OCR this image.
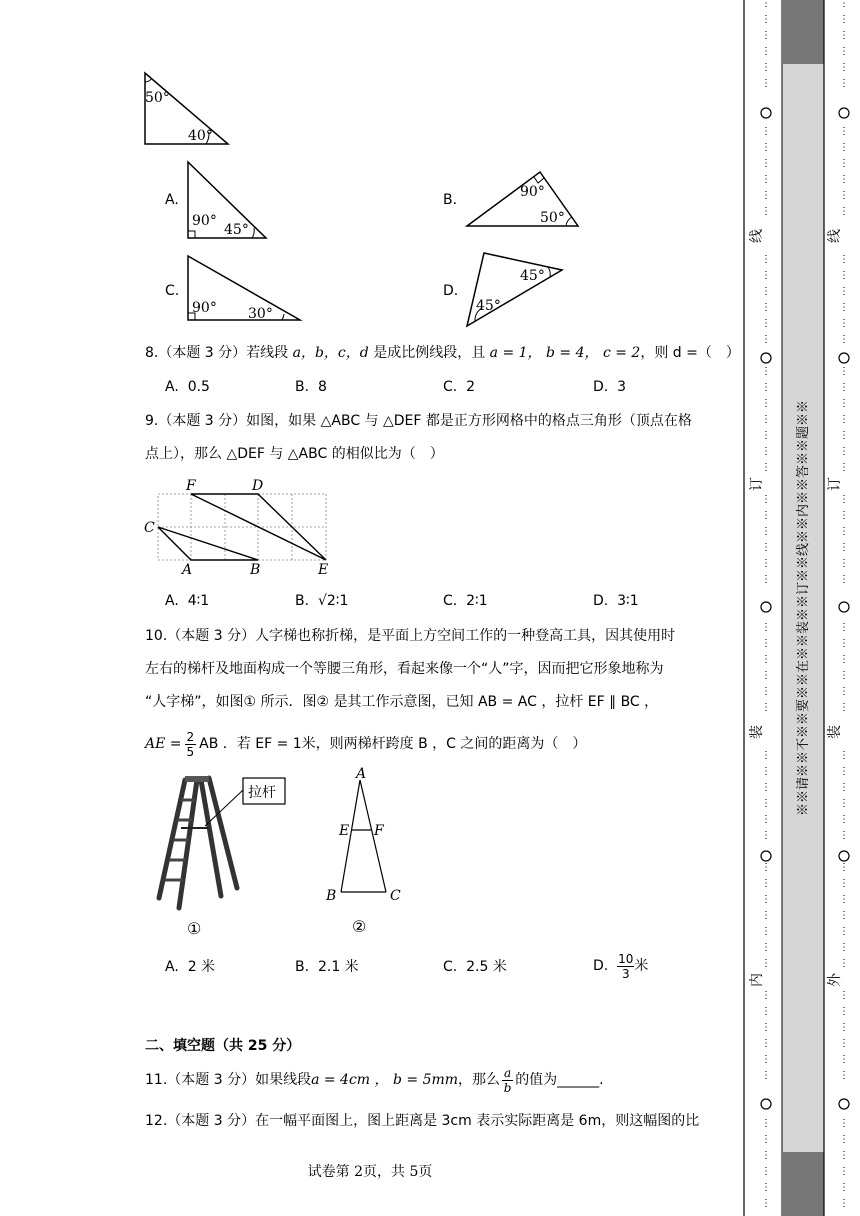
50°
40°
A.
90°
45°
B.	90°
50°
C.
90° 30°
D.
45°
45°
8.（本题 3 分）若线段 a，b，c，d 是成比例线段，且 a = 1， b = 4， c = 2，则 d =（　）
A. 0.5	B. 8	C. 2	D. 3
9.（本题 3 分）如图，如果 △ABC 与 △DEF 都是正方形网格中的格点三角形（顶点在格
点上），那么 △DEF 与 △ABC 的相似比为（　）
F	D
C
A	B	E
A. 4∶1	B. √2∶1	C. 2∶1	D. 3∶1
10.（本题 3 分）人字梯也称折梯，是平面上方空间工作的一种登高工具，因其使用时
左右的梯杆及地面构成一个等腰三角形，看起来像一个“人”字，因而把它形象地称为
“人字梯”，如图① 所示．图② 是其工作示意图，已知 AB = AC ，拉杆 EF ∥ BC ，
AE = $\frac{2}{5}$ AB ．若 EF = 1米，则两梯杆跨度 B ，C 之间的距离为（　）
拉杆
①
A
E F
B	C
②
A. 2 米	B. 2.1 米	C. 2.5 米	D.
10
3 米
二、填空题（共 25 分）
11.（本题 3 分）如果线段 a = 4cm ， b = 5mm ，那么 a
b 的值为______.
12.（本题 3 分）在一幅平面图上，图上距离是 3cm 表示实际距离是 6m，则这幅图的比
试卷第 2页，共 5页
⋮
⋮
⋮
⋮
⋮
⋮
⋮
⋮
⋮
⋮
⋮
⋮
⋮
⋮
⋮
⋮
⋮
⋮
⋮
⋮
⋮
⋮
⋮
⋮
⋮
⋮
⋮
⋮
⋮
⋮
⋮
⋮
⋮
⋮
⋮
⋮
⋮
⋮
⋮
⋮
⋮
⋮
⋮
⋮
⋮
⋮
⋮
⋮
⋮
⋮
⋮
⋮
⋮
⋮
⋮
⋮
⋮
⋮
⋮
⋮
⋮
⋮
⋮
⋮
⋮
⋮
⋮
⋮
⋮
⋮
⋮
⋮
⋮
⋮
⋮
⋮
⋮
⋮
⋮
⋮
⋮
⋮
⋮
⋮
⋮
⋮
⋮
⋮
⋮
⋮
⋮
⋮
⋮
⋮
⋮
⋮
⋮
⋮
⋮
⋮
⋮
⋮
⋮
⋮
⋮
⋮
⋮
⋮
⋮
⋮
⋮
⋮
⋮
⋮
⋮
⋮
⋮
⋮
⋮
⋮
⋮
⋮
⋮
⋮
线
订
装
内
线
订
装
外
※※请※※不※※要※※在※※装※※订※※线※※内※※答※※题※※
